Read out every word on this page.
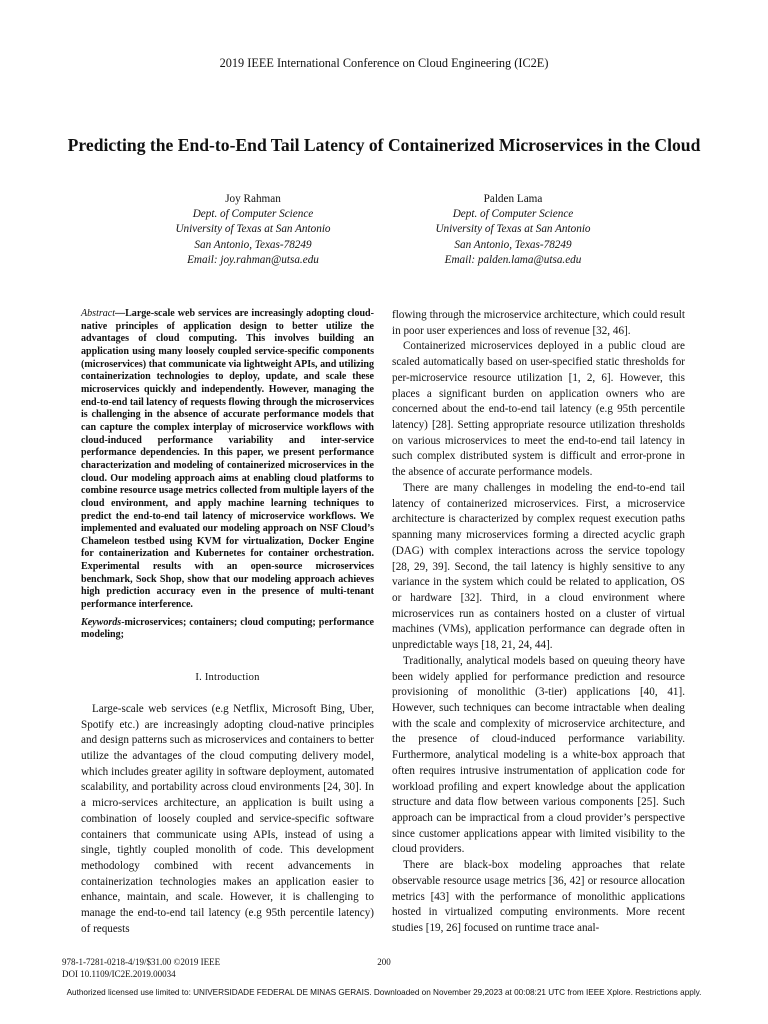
2019 IEEE International Conference on Cloud Engineering (IC2E)
Predicting the End-to-End Tail Latency of Containerized Microservices in the Cloud
Joy Rahman
Dept. of Computer Science
University of Texas at San Antonio
San Antonio, Texas-78249
Email: joy.rahman@utsa.edu
Palden Lama
Dept. of Computer Science
University of Texas at San Antonio
San Antonio, Texas-78249
Email: palden.lama@utsa.edu
Abstract—Large-scale web services are increasingly adopting cloud-native principles of application design to better utilize the advantages of cloud computing. This involves building an application using many loosely coupled service-specific components (microservices) that communicate via lightweight APIs, and utilizing containerization technologies to deploy, update, and scale these microservices quickly and independently. However, managing the end-to-end tail latency of requests flowing through the microservices is challenging in the absence of accurate performance models that can capture the complex interplay of microservice workflows with cloud-induced performance variability and inter-service performance dependencies. In this paper, we present performance characterization and modeling of containerized microservices in the cloud. Our modeling approach aims at enabling cloud platforms to combine resource usage metrics collected from multiple layers of the cloud environment, and apply machine learning techniques to predict the end-to-end tail latency of microservice workflows. We implemented and evaluated our modeling approach on NSF Cloud’s Chameleon testbed using KVM for virtualization, Docker Engine for containerization and Kubernetes for container orchestration. Experimental results with an open-source microservices benchmark, Sock Shop, show that our modeling approach achieves high prediction accuracy even in the presence of multi-tenant performance interference.
Keywords-microservices; containers; cloud computing; performance modeling;
I. Introduction

Large-scale web services (e.g Netflix, Microsoft Bing, Uber, Spotify etc.) are increasingly adopting cloud-native principles and design patterns such as microservices and containers to better utilize the advantages of the cloud computing delivery model, which includes greater agility in software deployment, automated scalability, and portability across cloud environments [24, 30]. In a micro-services architecture, an application is built using a combination of loosely coupled and service-specific software containers that communicate using APIs, instead of using a single, tightly coupled monolith of code. This development methodology combined with recent advancements in containerization technologies makes an application easier to enhance, maintain, and scale. However, it is challenging to manage the end-to-end tail latency (e.g 95th percentile latency) of requests

flowing through the microservice architecture, which could result in poor user experiences and loss of revenue [32, 46].

Containerized microservices deployed in a public cloud are scaled automatically based on user-specified static thresholds for per-microservice resource utilization [1, 2, 6]. However, this places a significant burden on application owners who are concerned about the end-to-end tail latency (e.g 95th percentile latency) [28]. Setting appropriate resource utilization thresholds on various microservices to meet the end-to-end tail latency in such complex distributed system is difficult and error-prone in the absence of accurate performance models.

There are many challenges in modeling the end-to-end tail latency of containerized microservices. First, a microservice architecture is characterized by complex request execution paths spanning many microservices forming a directed acyclic graph (DAG) with complex interactions across the service topology [28, 29, 39]. Second, the tail latency is highly sensitive to any variance in the system which could be related to application, OS or hardware [32]. Third, in a cloud environment where microservices run as containers hosted on a cluster of virtual machines (VMs), application performance can degrade often in unpredictable ways [18, 21, 24, 44].

Traditionally, analytical models based on queuing theory have been widely applied for performance prediction and resource provisioning of monolithic (3-tier) applications [40, 41]. However, such techniques can become intractable when dealing with the scale and complexity of microservice architecture, and the presence of cloud-induced performance variability. Furthermore, analytical modeling is a white-box approach that often requires intrusive instrumentation of application code for workload profiling and expert knowledge about the application structure and data flow between various components [25]. Such approach can be impractical from a cloud provider’s perspective since customer applications appear with limited visibility to the cloud providers.

There are black-box modeling approaches that relate observable resource usage metrics [36, 42] or resource allocation metrics [43] with the performance of monolithic applications hosted in virtualized computing environments. More recent studies [19, 26] focused on runtime trace anal-

978-1-7281-0218-4/19/$31.00 ©2019 IEEE
DOI 10.1109/IC2E.2019.00034
200
Authorized licensed use limited to: UNIVERSIDADE FEDERAL DE MINAS GERAIS. Downloaded on November 29,2023 at 00:08:21 UTC from IEEE Xplore. Restrictions apply.
